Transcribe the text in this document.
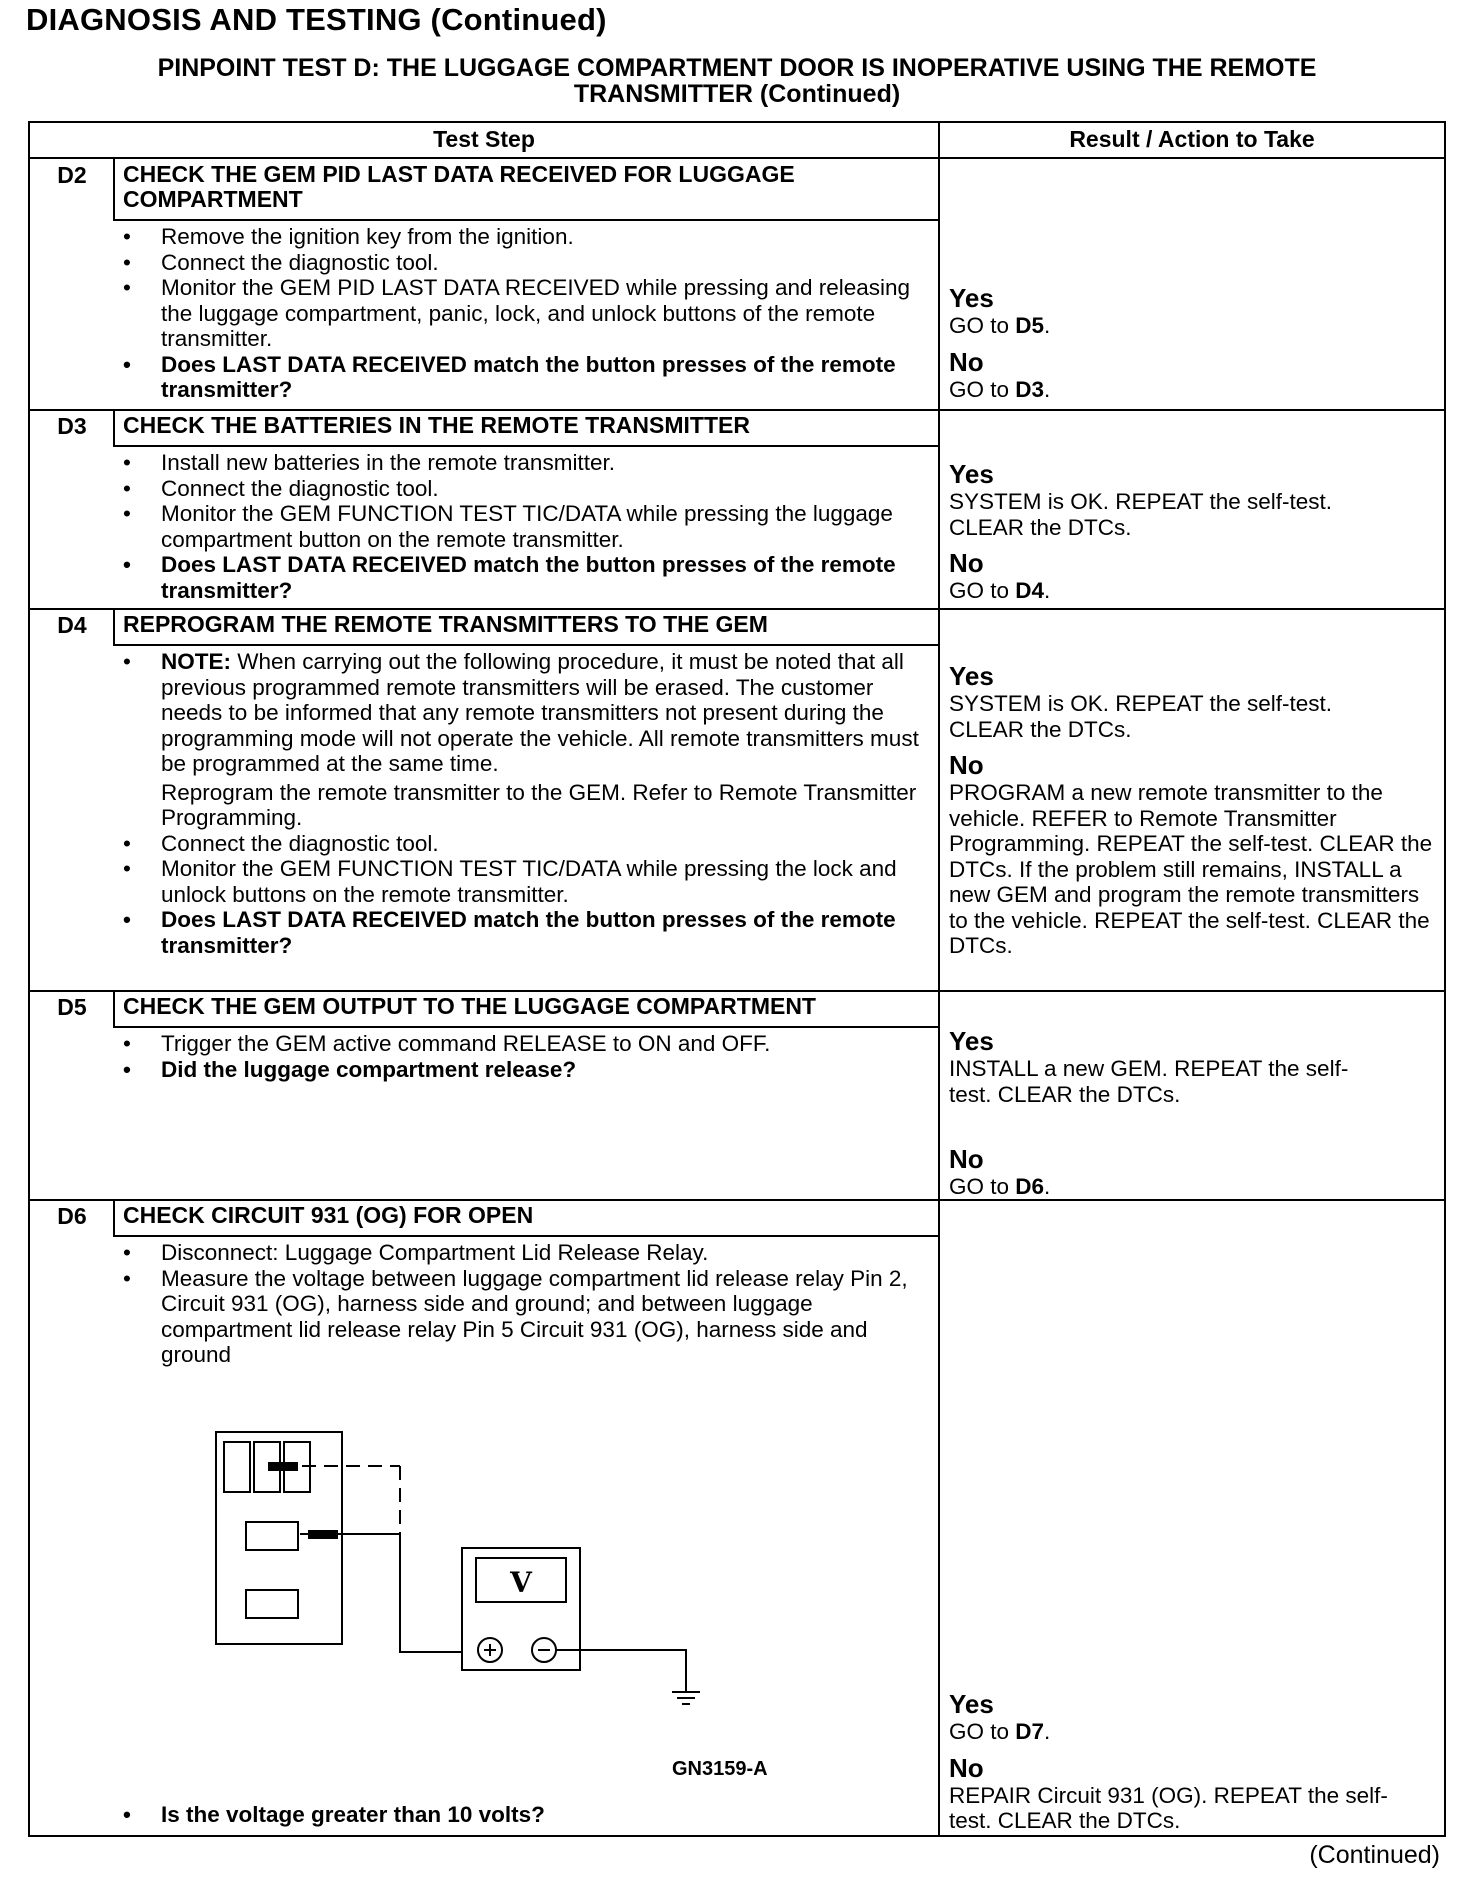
DIAGNOSIS AND TESTING (Continued)
PINPOINT TEST D: THE LUGGAGE COMPARTMENT DOOR IS INOPERATIVE USING THE REMOTE
TRANSMITTER (Continued)
Test Step	Result / Action to Take
D2	CHECK THE GEM PID LAST DATA RECEIVED FOR LUGGAGE COMPARTMENT
• Remove the ignition key from the ignition.
• Connect the diagnostic tool.
• Monitor the GEM PID LAST DATA RECEIVED while pressing and releasing the luggage compartment, panic, lock, and unlock buttons of the remote transmitter.
• Does LAST DATA RECEIVED match the button presses of the remote transmitter?
Yes
GO to D5.
No
GO to D3.
D3	CHECK THE BATTERIES IN THE REMOTE TRANSMITTER
• Install new batteries in the remote transmitter.
• Connect the diagnostic tool.
• Monitor the GEM FUNCTION TEST TIC/DATA while pressing the luggage compartment button on the remote transmitter.
• Does LAST DATA RECEIVED match the button presses of the remote transmitter?
Yes
SYSTEM is OK. REPEAT the self-test. CLEAR the DTCs.
No
GO to D4.
D4	REPROGRAM THE REMOTE TRANSMITTERS TO THE GEM
• NOTE: When carrying out the following procedure, it must be noted that all previous programmed remote transmitters will be erased. The customer needs to be informed that any remote transmitters not present during the programming mode will not operate the vehicle. All remote transmitters must be programmed at the same time.
Reprogram the remote transmitter to the GEM. Refer to Remote Transmitter Programming.
• Connect the diagnostic tool.
• Monitor the GEM FUNCTION TEST TIC/DATA while pressing the lock and unlock buttons on the remote transmitter.
• Does LAST DATA RECEIVED match the button presses of the remote transmitter?
Yes
SYSTEM is OK. REPEAT the self-test. CLEAR the DTCs.
No
PROGRAM a new remote transmitter to the vehicle. REFER to Remote Transmitter Programming. REPEAT the self-test. CLEAR the DTCs. If the problem still remains, INSTALL a new GEM and program the remote transmitters to the vehicle. REPEAT the self-test. CLEAR the DTCs.
D5	CHECK THE GEM OUTPUT TO THE LUGGAGE COMPARTMENT
• Trigger the GEM active command RELEASE to ON and OFF.
• Did the luggage compartment release?
Yes
INSTALL a new GEM. REPEAT the self-test. CLEAR the DTCs.
No
GO to D6.
D6	CHECK CIRCUIT 931 (OG) FOR OPEN
• Disconnect: Luggage Compartment Lid Release Relay.
• Measure the voltage between luggage compartment lid release relay Pin 2, Circuit 931 (OG), harness side and ground; and between luggage compartment lid release relay Pin 5 Circuit 931 (OG), harness side and ground
V
GN3159-A
• Is the voltage greater than 10 volts?
Yes
GO to D7.
No
REPAIR Circuit 931 (OG). REPEAT the self-test. CLEAR the DTCs.
(Continued)
